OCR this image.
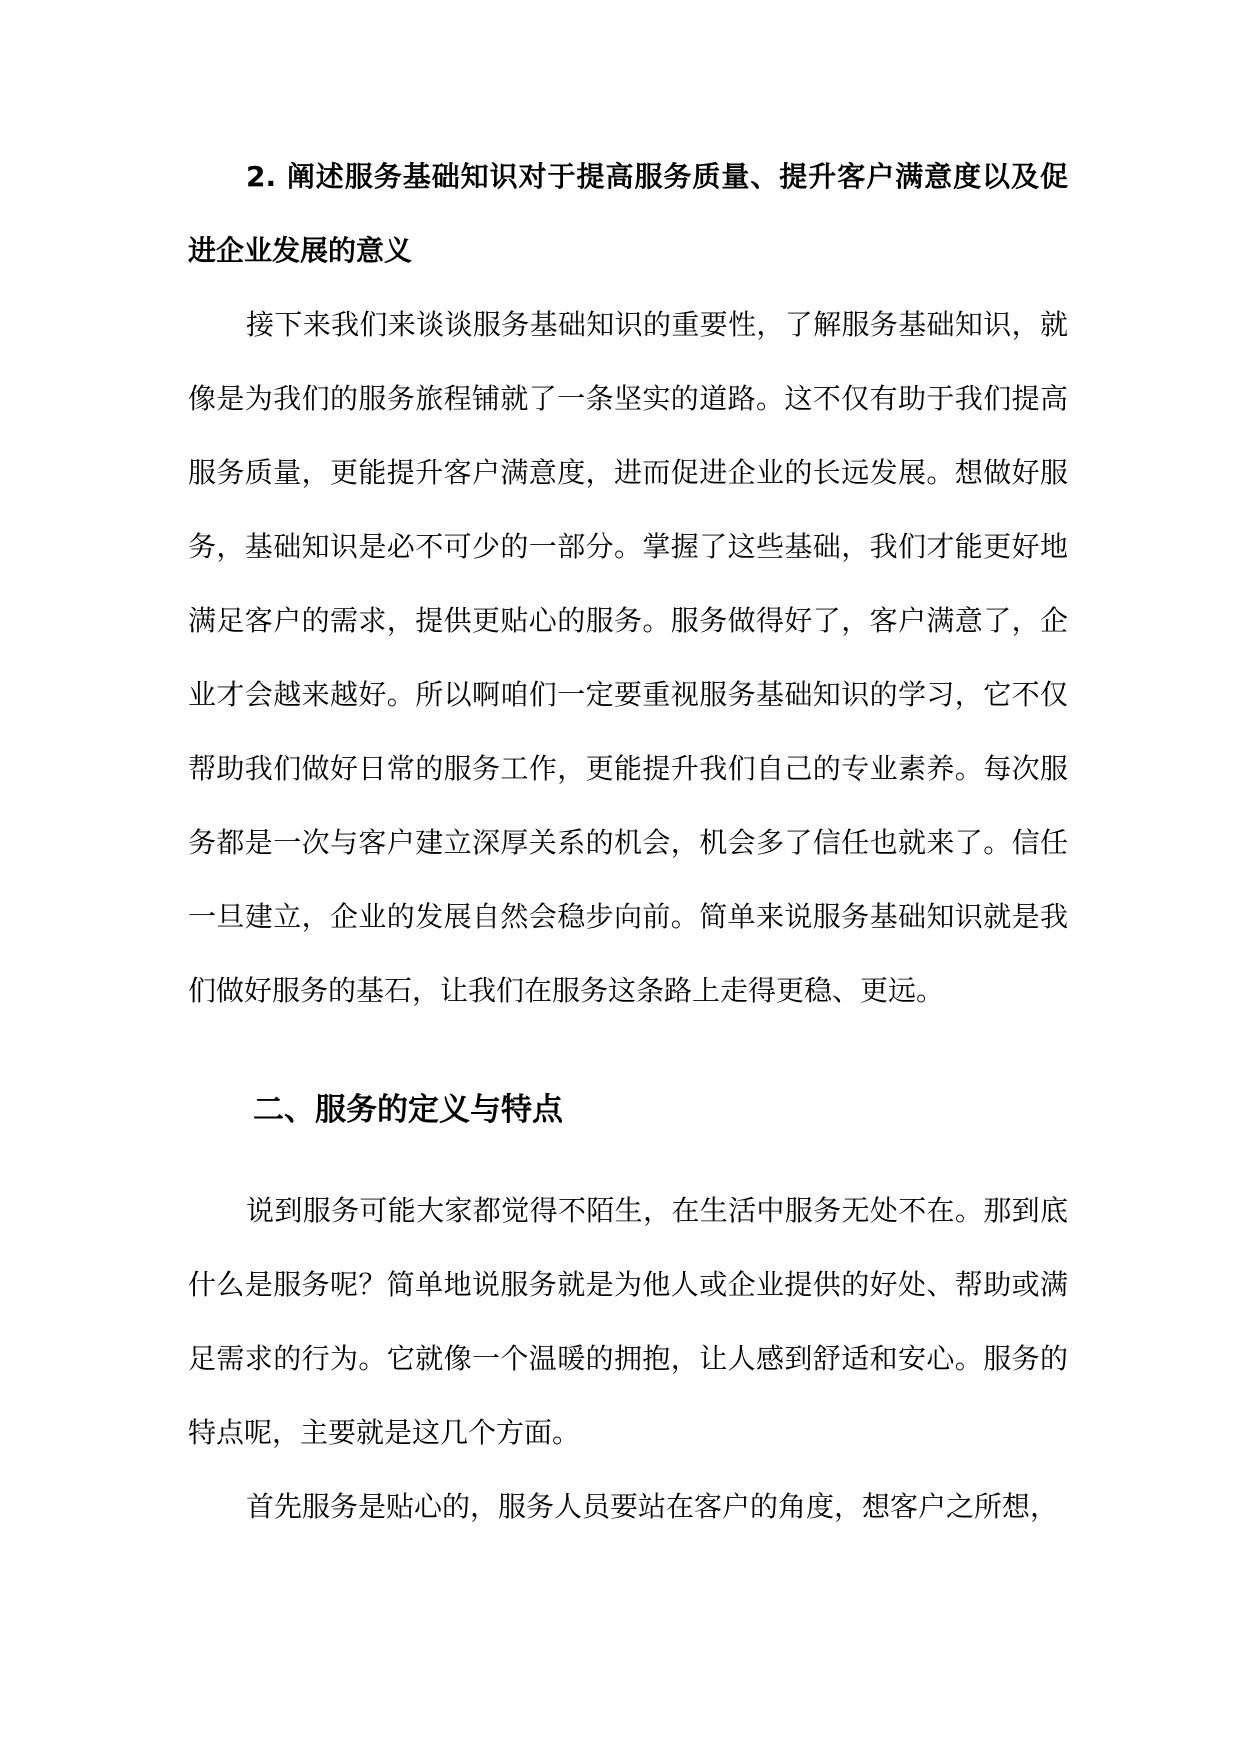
2. 阐述服务基础知识对于提高服务质量、提升客户满意度以及促进企业发展的意义

接下来我们来谈谈服务基础知识的重要性，了解服务基础知识，就像是为我们的服务旅程铺就了一条坚实的道路。这不仅有助于我们提高服务质量，更能提升客户满意度，进而促进企业的长远发展。想做好服务，基础知识是必不可少的一部分。掌握了这些基础，我们才能更好地满足客户的需求，提供更贴心的服务。服务做得好了，客户满意了，企业才会越来越好。所以啊咱们一定要重视服务基础知识的学习，它不仅帮助我们做好日常的服务工作，更能提升我们自己的专业素养。每次服务都是一次与客户建立深厚关系的机会，机会多了信任也就来了。信任一旦建立，企业的发展自然会稳步向前。简单来说服务基础知识就是我们做好服务的基石，让我们在服务这条路上走得更稳、更远。

二、服务的定义与特点

说到服务可能大家都觉得不陌生，在生活中服务无处不在。那到底什么是服务呢？简单地说服务就是为他人或企业提供的好处、帮助或满足需求的行为。它就像一个温暖的拥抱，让人感到舒适和安心。服务的特点呢，主要就是这几个方面。

首先服务是贴心的，服务人员要站在客户的角度，想客户之所想，
